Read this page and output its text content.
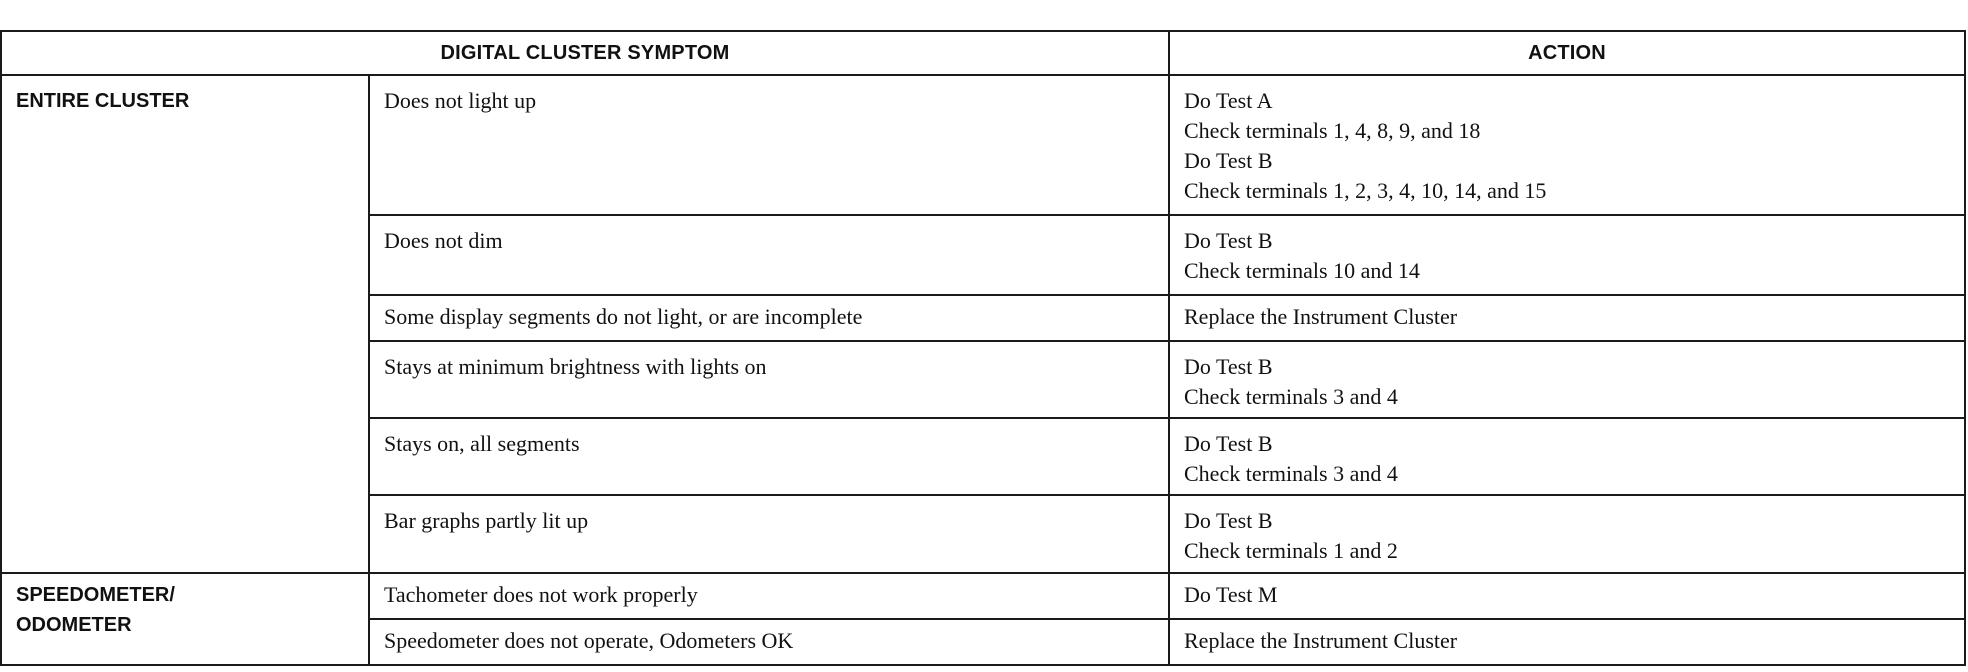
DIGITAL CLUSTER SYMPTOM		ACTION

ENTIRE CLUSTER	Does not light up	Do Test A
Check terminals 1, 4, 8, 9, and 18
Do Test B
Check terminals 1, 2, 3, 4, 10, 14, and 15

	Does not dim	Do Test B
Check terminals 10 and 14

	Some display segments do not light, or are incomplete	Replace the Instrument Cluster

	Stays at minimum brightness with lights on	Do Test B
Check terminals 3 and 4

	Stays on, all segments	Do Test B
Check terminals 3 and 4

	Bar graphs partly lit up	Do Test B
Check terminals 1 and 2

SPEEDOMETER/
ODOMETER	Tachometer does not work properly	Do Test M

	Speedometer does not operate, Odometers OK	Replace the Instrument Cluster
